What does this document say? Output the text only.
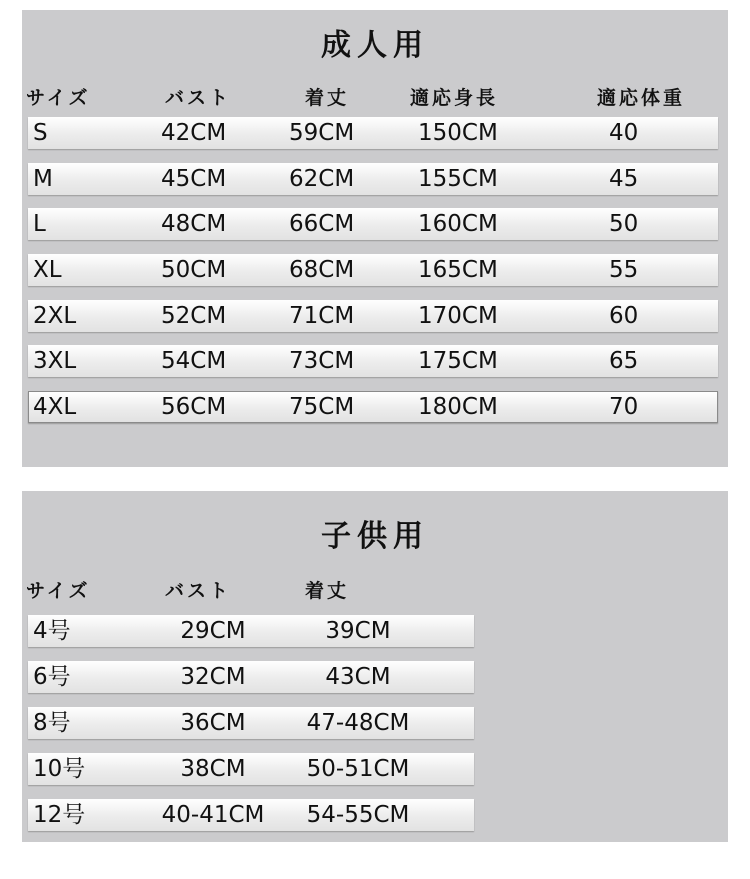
成人用
サイズ	バスト	着丈	適応身長	適応体重
S	42CM	59CM	150CM	40
M	45CM	62CM	155CM	45
L	48CM	66CM	160CM	50
XL	50CM	68CM	165CM	55
2XL	52CM	71CM	170CM	60
3XL	54CM	73CM	175CM	65
4XL	56CM	75CM	180CM	70
子供用
サイズ	バスト	着丈
4号	29CM	39CM
6号	32CM	43CM
8号	36CM	47-48CM
10号	38CM	50-51CM
12号	40-41CM	54-55CM
